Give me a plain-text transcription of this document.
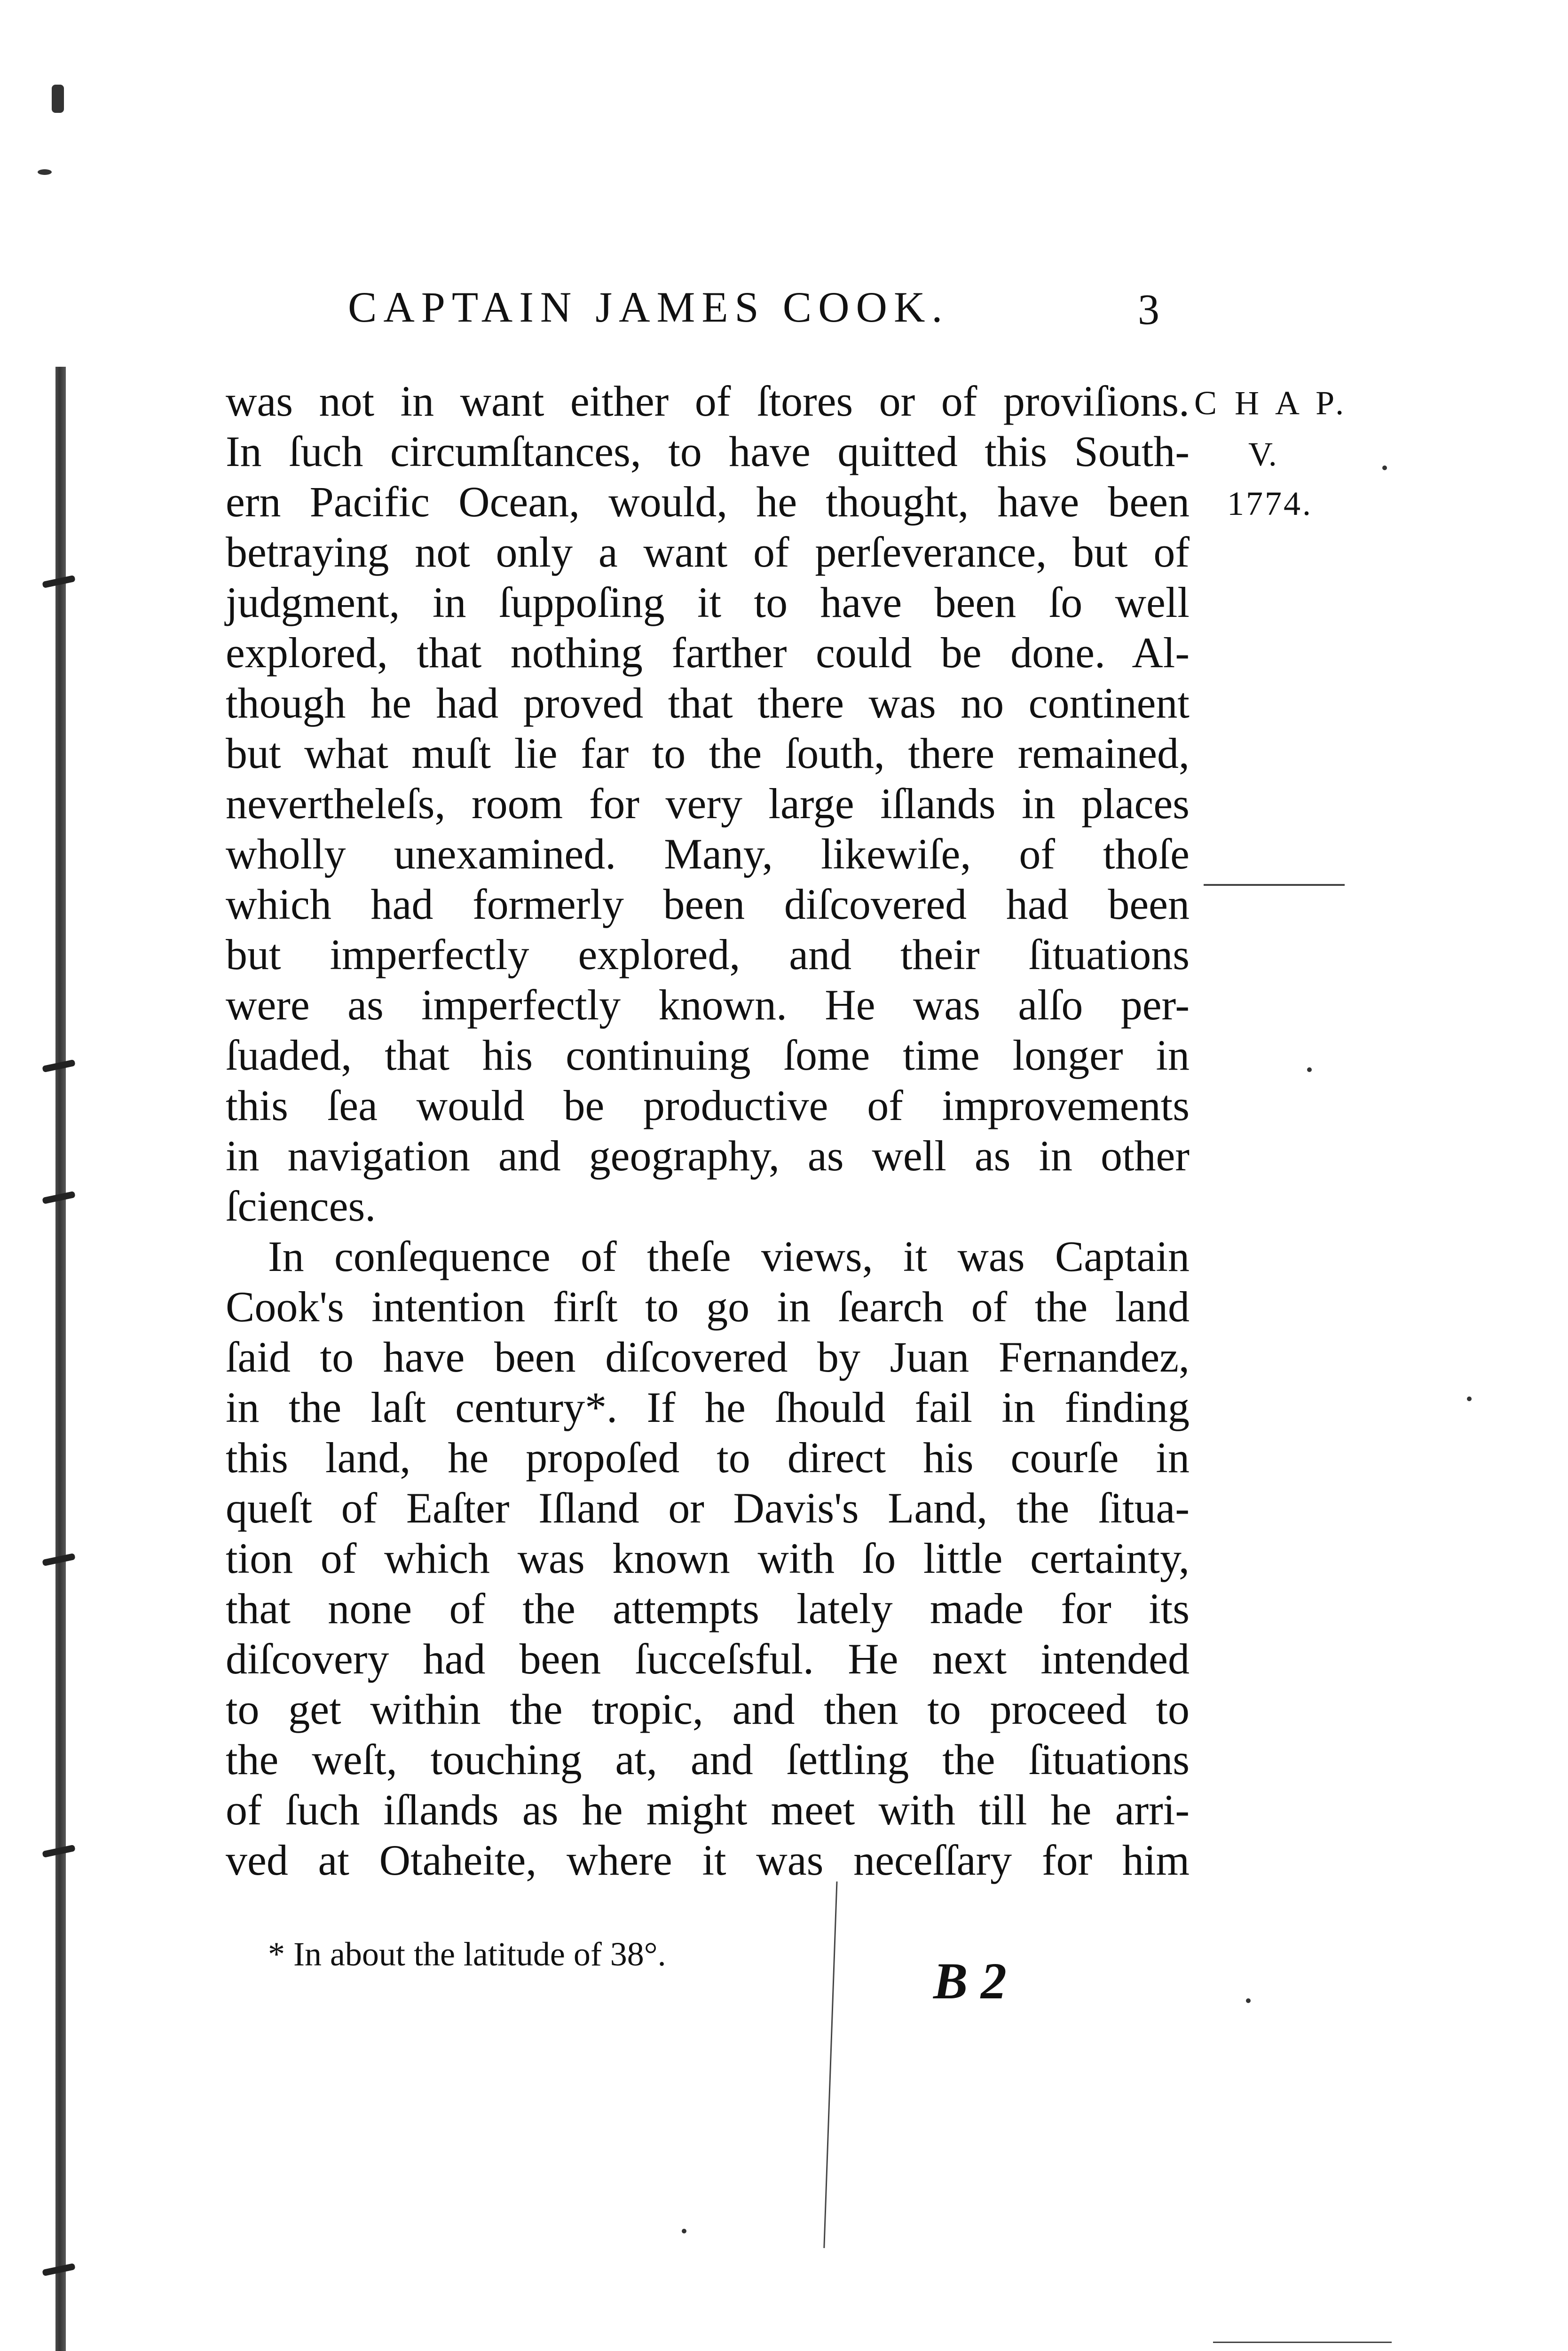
CAPTAIN JAMES COOK.	3
C H A P.
V.
1774.
was not in want either of ſtores or of proviſions.
In ſuch circumſtances, to have quitted this South-
ern Pacific Ocean, would, he thought, have been
betraying not only a want of perſeverance, but of
judgment, in ſuppoſing it to have been ſo well
explored, that nothing farther could be done. Al-
though he had proved that there was no continent
but what muſt lie far to the ſouth, there remained,
nevertheleſs, room for very large iſlands in places
wholly unexamined. Many, likewiſe, of thoſe
which had formerly been diſcovered had been
but imperfectly explored, and their ſituations
were as imperfectly known. He was alſo per-
ſuaded, that his continuing ſome time longer in
this ſea would be productive of improvements
in navigation and geography, as well as in other
ſciences.
In conſequence of theſe views, it was Captain
Cook's intention firſt to go in ſearch of the land
ſaid to have been diſcovered by Juan Fernandez,
in the laſt century*. If he ſhould fail in finding
this land, he propoſed to direct his courſe in
queſt of Eaſter Iſland or Davis's Land, the ſitua-
tion of which was known with ſo little certainty,
that none of the attempts lately made for its
diſcovery had been ſucceſsful. He next intended
to get within the tropic, and then to proceed to
the weſt, touching at, and ſettling the ſituations
of ſuch iſlands as he might meet with till he arri-
ved at Otaheite, where it was neceſſary for him
* In about the latitude of 38°.	B 2
